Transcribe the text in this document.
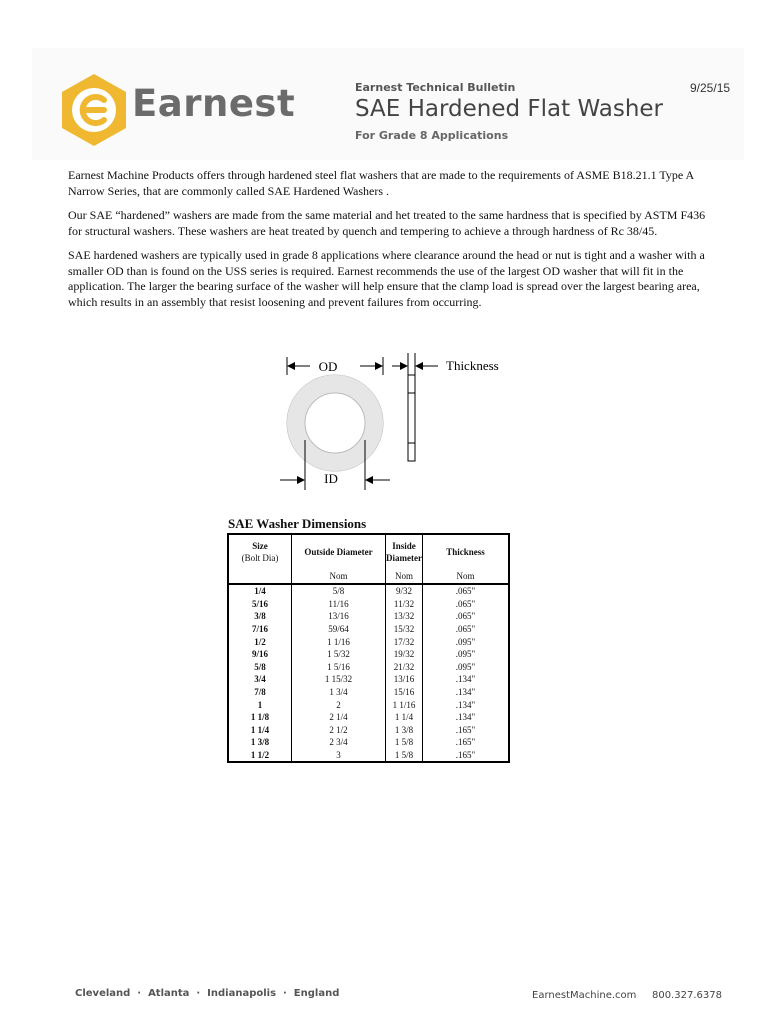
Earnest	Earnest Technical Bulletin	9/25/15
SAE Hardened Flat Washer
For Grade 8 Applications

Earnest Machine Products offers through hardened steel flat washers that are made to the requirements of ASME B18.21.1 Type A Narrow Series, that are commonly called SAE Hardened Washers .

Our SAE “hardened” washers are made from the same material and het treated to the same hardness that is specified by ASTM F436 for structural washers. These washers are heat treated by quench and tempering to achieve a through hardness of Rc 38/45.

SAE hardened washers are typically used in grade 8 applications where clearance around the head or nut is tight and a washer with a smaller OD than is found on the USS series is required. Earnest recommends the use of the largest OD washer that will fit in the application. The larger the bearing surface of the washer will help ensure that the clamp load is spread over the largest bearing area, which results in an assembly that resist loosening and prevent failures from occurring.

OD
ID
Thickness
SAE Washer Dimensions
Size
(Bolt Dia)	Outside Diameter	Inside Diameter	Thickness
	Nom	Nom	Nom
1/4	5/8	9/32	.065"
5/16	11/16	11/32	.065"
3/8	13/16	13/32	.065"
7/16	59/64	15/32	.065"
1/2	1 1/16	17/32	.095"
9/16	1 5/32	19/32	.095"
5/8	1 5/16	21/32	.095"
3/4	1 15/32	13/16	.134"
7/8	1 3/4	15/16	.134"
1	2	1 1/16	.134"
1 1/8	2 1/4	1 1/4	.134"
1 1/4	2 1/2	1 3/8	.165"
1 3/8	2 3/4	1 5/8	.165"
1 1/2	3	1 5/8	.165"
Cleveland · Atlanta · Indianapolis · England	EarnestMachine.com 800.327.6378
